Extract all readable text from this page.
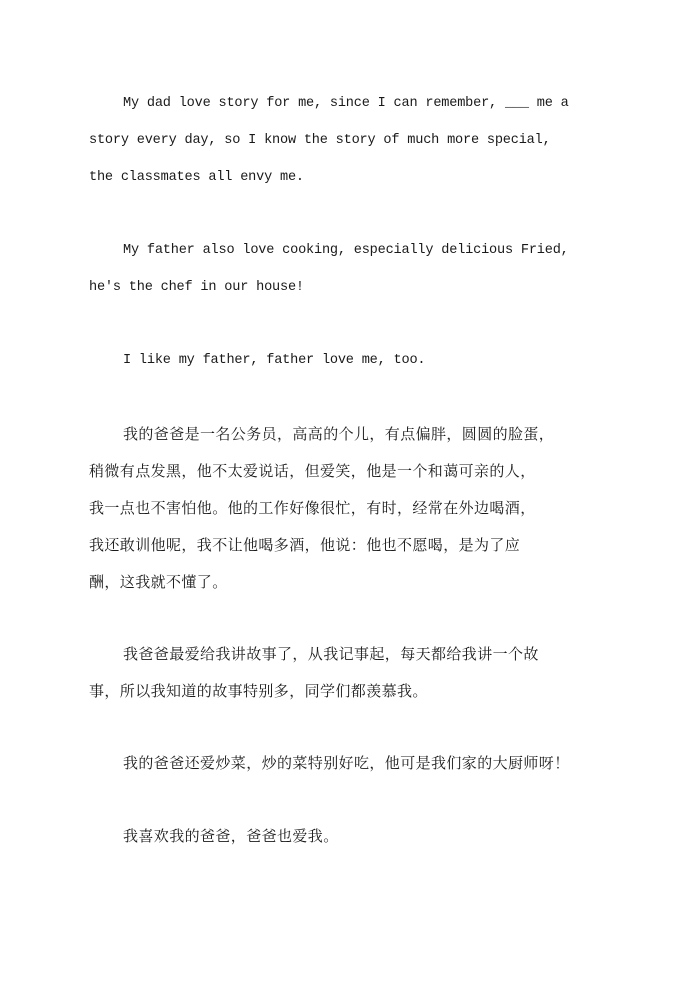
My dad love story for me, since I can remember, ___ me a
story every day, so I know the story of much more special,
the classmates all envy me.

My father also love cooking, especially delicious Fried,
he's the chef in our house!

I like my father, father love me, too.

我的爸爸是一名公务员，高高的个儿，有点偏胖，圆圆的脸蛋，
稍微有点发黑，他不太爱说话，但爱笑，他是一个和蔼可亲的人，
我一点也不害怕他。他的工作好像很忙，有时，经常在外边喝酒，
我还敢训他呢，我不让他喝多酒，他说：他也不愿喝，是为了应
酬，这我就不懂了。

我爸爸最爱给我讲故事了，从我记事起，每天都给我讲一个故
事，所以我知道的故事特别多，同学们都羡慕我。

我的爸爸还爱炒菜，炒的菜特别好吃，他可是我们家的大厨师呀！

我喜欢我的爸爸，爸爸也爱我。
